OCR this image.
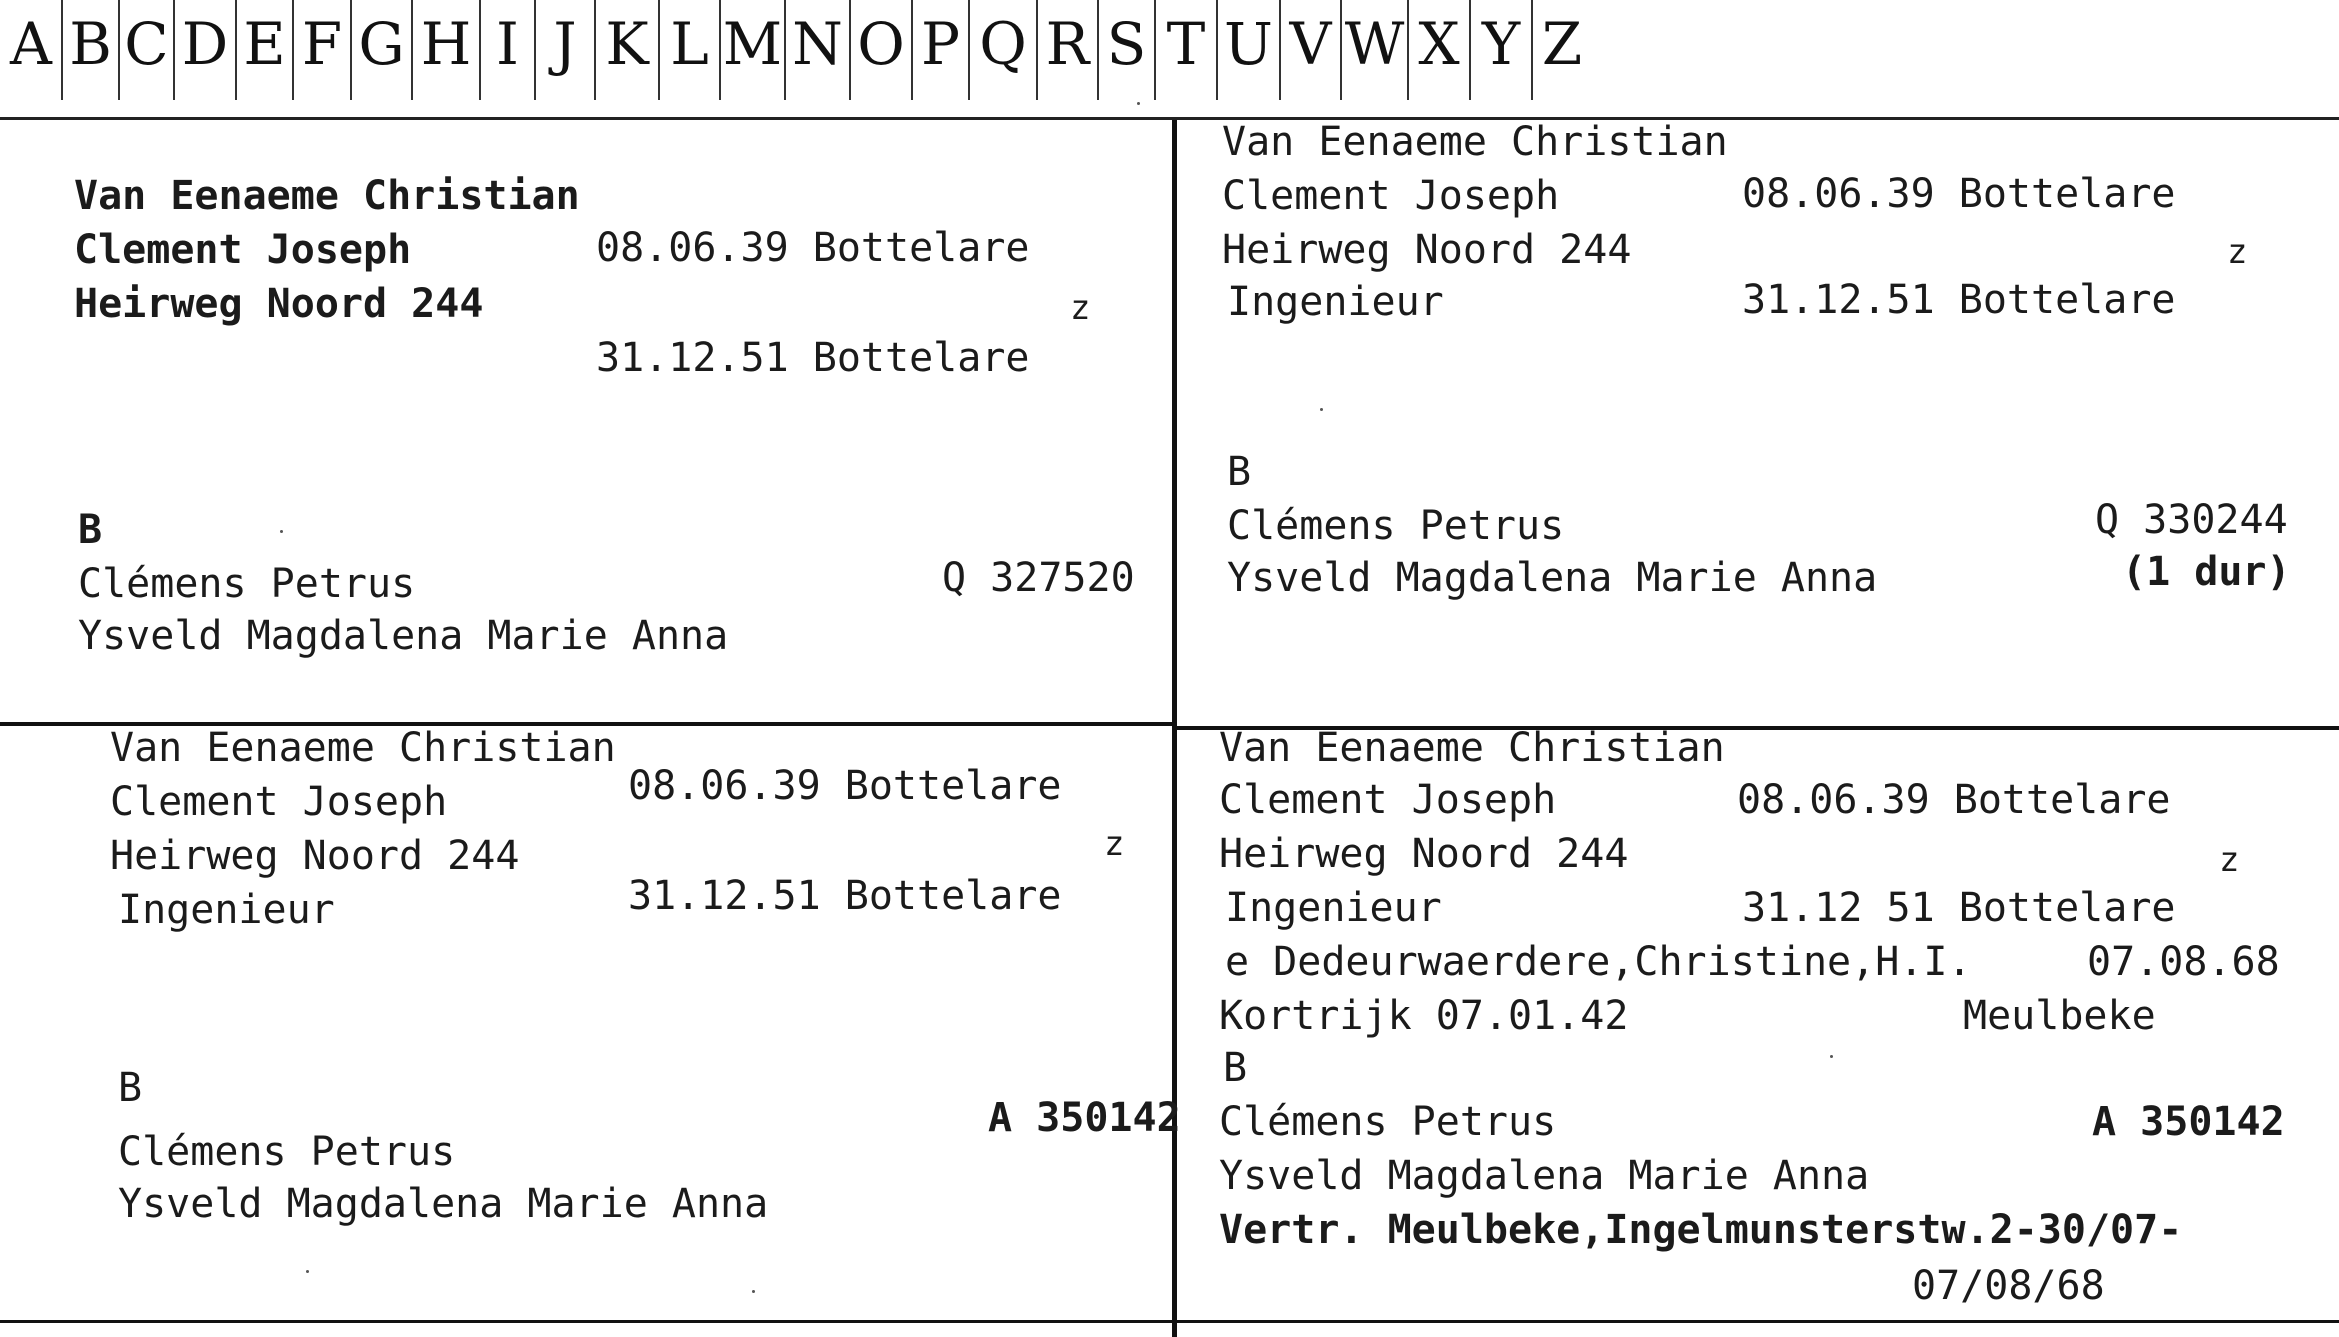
A B C D E F G H I J K L M N O P Q R S T U V W X Y Z
Van Eenaeme Christian
Clement Joseph	08.06.39 Bottelare
Heirweg Noord 244	z
31.12.51 Bottelare
B
Clémens Petrus	Q 327520
Ysveld Magdalena Marie Anna
Van Eenaeme Christian
Clement Joseph	08.06.39 Bottelare
Heirweg Noord 244	z
Ingenieur	31.12.51 Bottelare
B
Clémens Petrus	Q 330244
Ysveld Magdalena Marie Anna	(1 dur)
Van Eenaeme Christian
Clement Joseph	08.06.39 Bottelare
Heirweg Noord 244	z
Ingenieur	31.12.51 Bottelare
B
Clémens Petrus
A 350142
Ysveld Magdalena Marie Anna
Van Eenaeme Christian
Clement Joseph	08.06.39 Bottelare
Heirweg Noord 244	z
Ingenieur	31.12 51 Bottelare
e Dedeurwaerdere,Christine,H.I.	07.08.68
Kortrijk 07.01.42	Meulbeke
B
Clémens Petrus	A 350142
Ysveld Magdalena Marie Anna
Vertr. Meulbeke,Ingelmunsterstw.2-30/07-
07/08/68
